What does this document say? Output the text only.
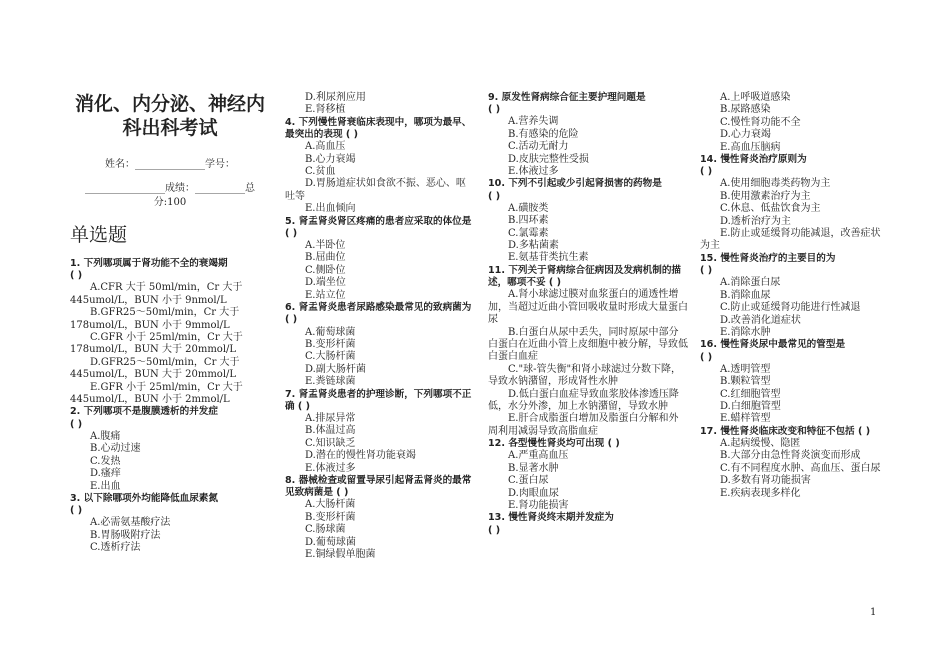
消化、内分泌、神经内
科出科考试
姓名：______________学号：
________________成绩：__________总
分:100
单选题
1. 下列哪项属于肾功能不全的衰竭期
( )
A.CFR 大于 50ml/min，Cr 大于 445umol/L，BUN 小于 9nmol/L
B.GFR25～50ml/min，Cr 大于 178umol/L，BUN 小于 9mmol/L
C.GFR 小于 25ml/min，Cr 大于 178umol/L，BUN 大于 20mmol/L
D.GFR25～50ml/min，Cr 大于 445umol/L，BUN 大于 20mmol/L
E.GFR 小于 25ml/min，Cr 大于 445umol/L，BUN 小于 2mmol/L
2. 下列哪项不是腹膜透析的并发症
( )
A.腹痛
B.心动过速
C.发热
D.瘙痒
E.出血
3. 以下除哪项外均能降低血尿素氮
( )
A.必需氨基酸疗法
B.胃肠吸附疗法
C.透析疗法
D.利尿剂应用
E.肾移植
4. 下列慢性肾衰临床表现中，哪项为最早、最突出的表现 ( )
A.高血压
B.心力衰竭
C.贫血
D.胃肠道症状如食欲不振、恶心、呕吐等
E.出血倾向
5. 肾盂肾炎肾区疼痛的患者应采取的体位是 ( )
A.半卧位
B.屈曲位
C.侧卧位
D.端坐位
E.站立位
6. 肾盂肾炎患者尿路感染最常见的致病菌为 ( )
A.葡萄球菌
B.变形杆菌
C.大肠杆菌
D.副大肠杆菌
E.粪链球菌
7. 肾盂肾炎患者的护理诊断，下列哪项不正确 ( )
A.排尿异常
B.体温过高
C.知识缺乏
D.潜在的慢性肾功能衰竭
E.体液过多
8. 器械检查或留置导尿引起肾盂肾炎的最常见致病菌是 ( )
A.大肠杆菌
B.变形杆菌
C.肠球菌
D.葡萄球菌
E.铜绿假单胞菌
9. 原发性肾病综合征主要护理问题是
( )
A.营养失调
B.有感染的危险
C.活动无耐力
D.皮肤完整性受损
E.体液过多
10. 下列不引起或少引起肾损害的药物是
( )
A.磺胺类
B.四环素
C.氯霉素
D.多粘菌素
E.氨基苷类抗生素
11. 下列关于肾病综合征病因及发病机制的描述，哪项不妥 ( )
A.肾小球滤过膜对血浆蛋白的通透性增加，当超过近曲小管回吸收量时形成大量蛋白尿
B.白蛋白从尿中丢失，同时原尿中部分白蛋白在近曲小管上皮细胞中被分解，导致低白蛋白血症
C."球-管失衡"和肾小球滤过分数下降，导致水钠潴留，形成肾性水肿
D.低白蛋白血症导致血浆胶体渗透压降低，水分外渗，加上水钠潴留，导致水肿
E.肝合成脂蛋白增加及脂蛋白分解和外周利用减弱导致高脂血症
12. 各型慢性肾炎均可出现 ( )
A.严重高血压
B.显著水肿
C.蛋白尿
D.肉眼血尿
E.肾功能损害
13. 慢性肾炎终末期并发症为
( )
A.上呼吸道感染
B.尿路感染
C.慢性肾功能不全
D.心力衰竭
E.高血压脑病
14. 慢性肾炎治疗原则为
( )
A.使用细胞毒类药物为主
B.使用激素治疗为主
C.休息、低盐饮食为主
D.透析治疗为主
E.防止或延缓肾功能减退，改善症状为主
15. 慢性肾炎治疗的主要目的为
( )
A.消除蛋白尿
B.消除血尿
C.防止或延缓肾功能进行性减退
D.改善消化道症状
E.消除水肿
16. 慢性肾炎尿中最常见的管型是
( )
A.透明管型
B.颗粒管型
C.红细胞管型
D.白细胞管型
E.蜡样管型
17. 慢性肾炎临床改变和特征不包括 ( )
A.起病缓慢、隐匿
B.大部分由急性肾炎演变而形成
C.有不同程度水肿、高血压、蛋白尿
D.多数有肾功能损害
E.疾病表现多样化
1
